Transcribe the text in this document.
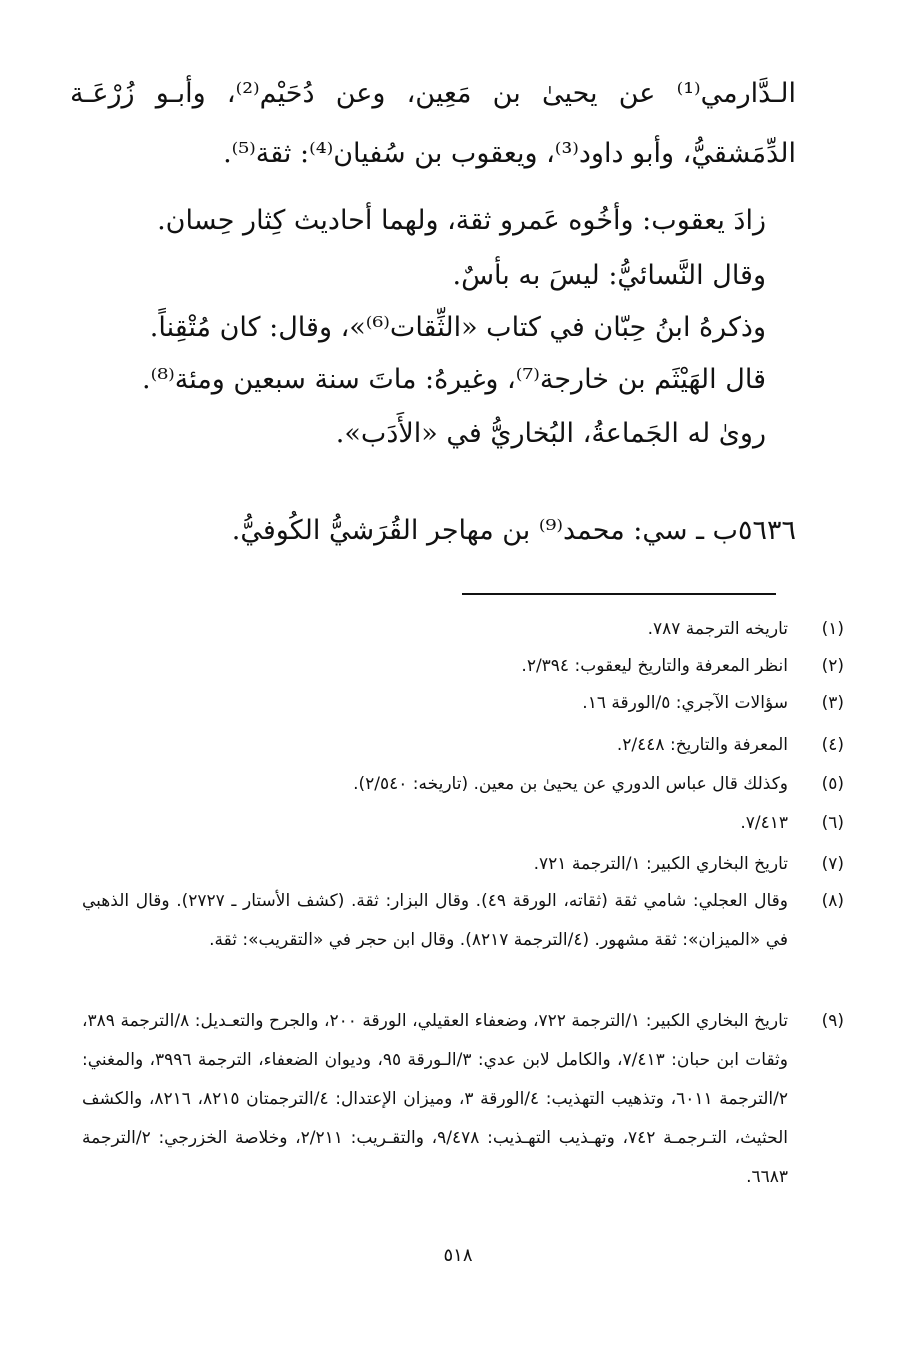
الـدَّارمي⁽¹⁾ عن يحيىٰ بن مَعِين، وعن دُحَيْم⁽²⁾، وأبـو زُرْعَـة
الدِّمَشقيُّ، وأبو داود⁽³⁾، ويعقوب بن سُفيان⁽⁴⁾: ثقة⁽⁵⁾.
زادَ يعقوب: وأخُوه عَمرو ثقة، ولهما أحاديث كِثار حِسان.
وقال النَّسائيُّ: ليسَ به بأسٌ.
وذكرهُ ابنُ حِبّان في كتاب «الثِّقات⁽⁶⁾»، وقال: كان مُتْقِناً.
قال الهَيْثَم بن خارجة⁽⁷⁾، وغيرهُ: ماتَ سنة سبعين ومئة⁽⁸⁾.
رویٰ له الجَماعةُ، البُخاريُّ في «الأَدَب».
٥٦٣٦ب ـ سي: محمد⁽⁹⁾ بن مهاجر القُرَشيُّ الكُوفيُّ.
(١)
تاريخه الترجمة ٧٨٧.
(٢)
انظر المعرفة والتاريخ ليعقوب: ٢/٣٩٤.
(٣)
سؤالات الآجري: ٥/الورقة ١٦.
(٤)
المعرفة والتاريخ: ٢/٤٤٨.
(٥)
وكذلك قال عباس الدوري عن يحيىٰ بن معين. (تاريخه: ٢/٥٤٠).
(٦)
٧/٤١٣.
(٧)
تاريخ البخاري الكبير: ١/الترجمة ٧٢١.
(٨)
وقال العجلي: شامي ثقة (ثقاته، الورقة ٤٩). وقال البزار: ثقة. (كشف الأستار ـ ٢٧٢٧). وقال الذهبي في «الميزان»: ثقة مشهور. (٤/الترجمة ٨٢١٧). وقال ابن حجر في «التقريب»: ثقة.
(٩)
تاريخ البخاري الكبير: ١/الترجمة ٧٢٢، وضعفاء العقيلي، الورقة ٢٠٠، والجرح والتعـديل: ٨/الترجمة ٣٨٩، وثقات ابن حبان: ٧/٤١٣، والكامل لابن عدي: ٣/الـورقة ٩٥، وديوان الضعفاء، الترجمة ٣٩٩٦، والمغني: ٢/الترجمة ٦٠١١، وتذهيب التهذيب: ٤/الورقة ٣، وميزان الإعتدال: ٤/الترجمتان ٨٢١٥، ٨٢١٦، والكشف الحثيث، التـرجمـة ٧٤٢، وتهـذيب التهـذيب: ٩/٤٧٨، والتقـريب: ٢/٢١١، وخلاصة الخزرجي: ٢/الترجمة ٦٦٨٣.
٥١٨
